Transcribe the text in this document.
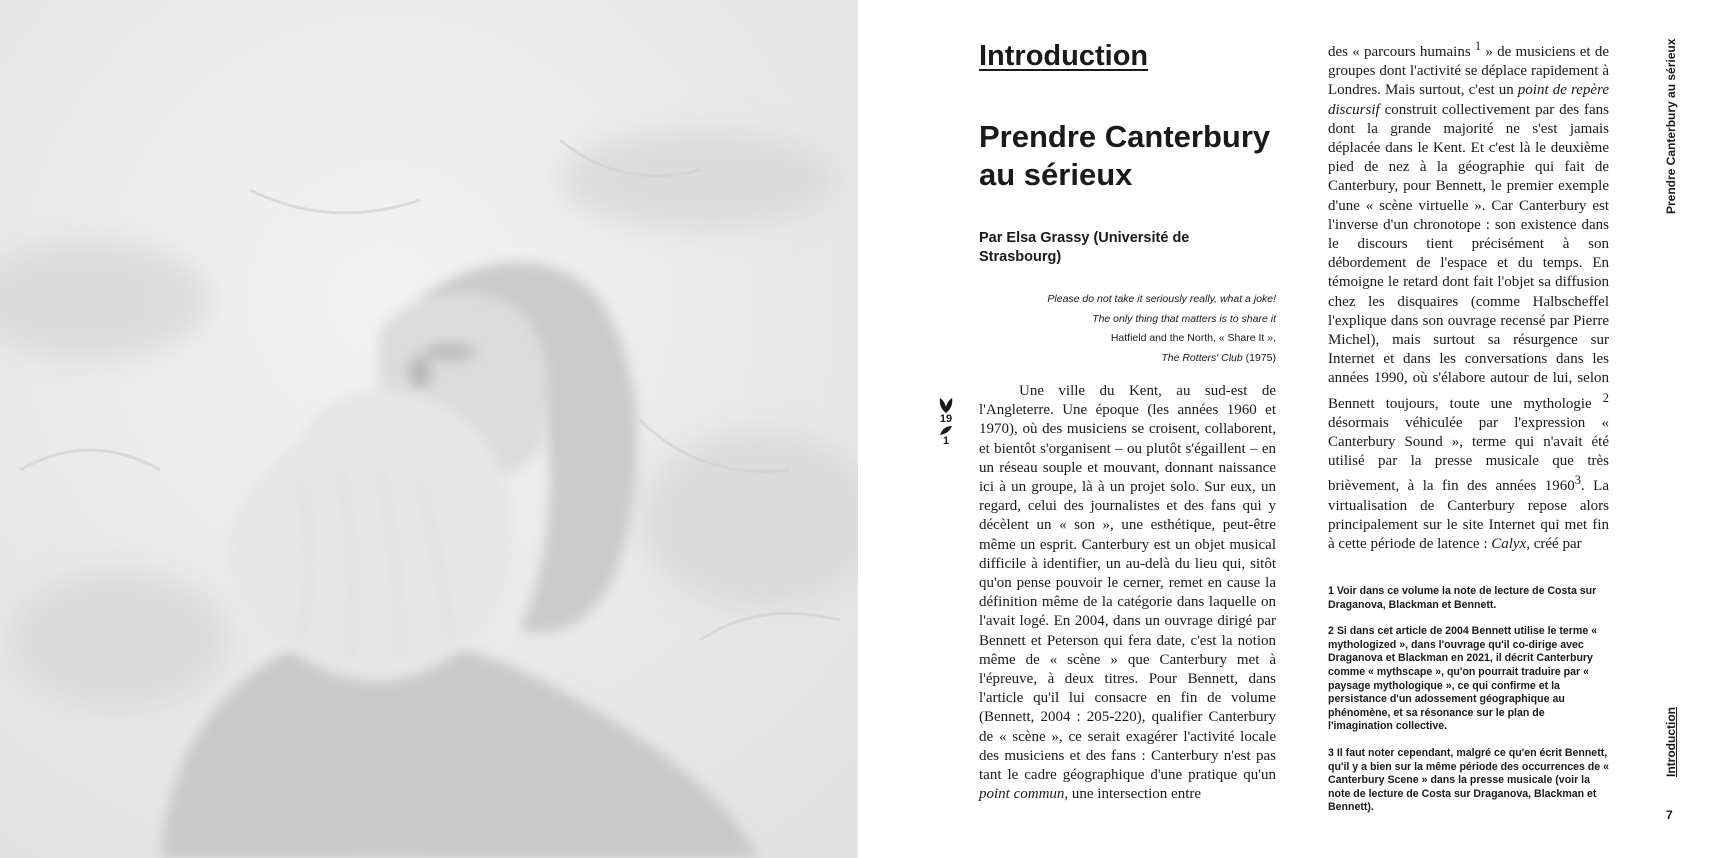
Introduction
Prendre Canterbury au sérieux

Par Elsa Grassy (Université de Strasbourg)

Please do not take it seriously really, what a joke!
The only thing that matters is to share it
Hatfield and the North, « Share It »,
The Rotters' Club (1975)
19
1

Une ville du Kent, au sud-est de l'Angleterre. Une époque (les années 1960 et 1970), où des musiciens se croisent, collaborent, et bientôt s'organisent – ou plutôt s'égaillent – en un réseau souple et mouvant, donnant naissance ici à un groupe, là à un projet solo. Sur eux, un regard, celui des journalistes et des fans qui y décèlent un « son », une esthétique, peut-être même un esprit. Canterbury est un objet musical difficile à identifier, un au-delà du lieu qui, sitôt qu'on pense pouvoir le cerner, remet en cause la définition même de la catégorie dans laquelle on l'avait logé. En 2004, dans un ouvrage dirigé par Bennett et Peterson qui fera date, c'est la notion même de « scène » que Canterbury met à l'épreuve, à deux titres. Pour Bennett, dans l'article qu'il lui consacre en fin de volume (Bennett, 2004 : 205-220), qualifier Canterbury de « scène », ce serait exagérer l'activité locale des musiciens et des fans : Canterbury n'est pas tant le cadre géographique d'une pratique qu'un point commun, une intersection entre

des « parcours humains $^1$ » de musiciens et de groupes dont l'activité se déplace rapidement à Londres. Mais surtout, c'est un point de repère discursif construit collectivement par des fans dont la grande majorité ne s'est jamais déplacée dans le Kent. Et c'est là le deuxième pied de nez à la géographie qui fait de Canterbury, pour Bennett, le premier exemple d'une « scène virtuelle ». Car Canterbury est l'inverse d'un chronotope : son existence dans le discours tient précisément à son débordement de l'espace et du temps. En témoigne le retard dont fait l'objet sa diffusion chez les disquaires (comme Halbscheffel l'explique dans son ouvrage recensé par Pierre Michel), mais surtout sa résurgence sur Internet et dans les conversations dans les années 1990, où s'élabore autour de lui, selon Bennett toujours, toute une mythologie $^2$ désormais véhiculée par l'expression « Canterbury Sound », terme qui n'avait été utilisé par la presse musicale que très brièvement, à la fin des années 1960$^3$. La virtualisation de Canterbury repose alors principalement sur le site Internet qui met fin à cette période de latence : Calyx, créé par

1 Voir dans ce volume la note de lecture de Costa sur Draganova, Blackman et Bennett.

2 Si dans cet article de 2004 Bennett utilise le terme « mythologized », dans l'ouvrage qu'il co-dirige avec Draganova et Blackman en 2021, il décrit Canterbury comme « mythscape », qu'on pourrait traduire par « paysage mythologique », ce qui confirme et la persistance d'un adossement géographique au phénomène, et sa résonance sur le plan de l'imagination collective.

3 Il faut noter cependant, malgré ce qu'en écrit Bennett, qu'il y a bien sur la même période des occurrences de « Canterbury Scene » dans la presse musicale (voir la note de lecture de Costa sur Draganova, Blackman et Bennett).

Prendre Canterbury au sérieux
Introduction

7
